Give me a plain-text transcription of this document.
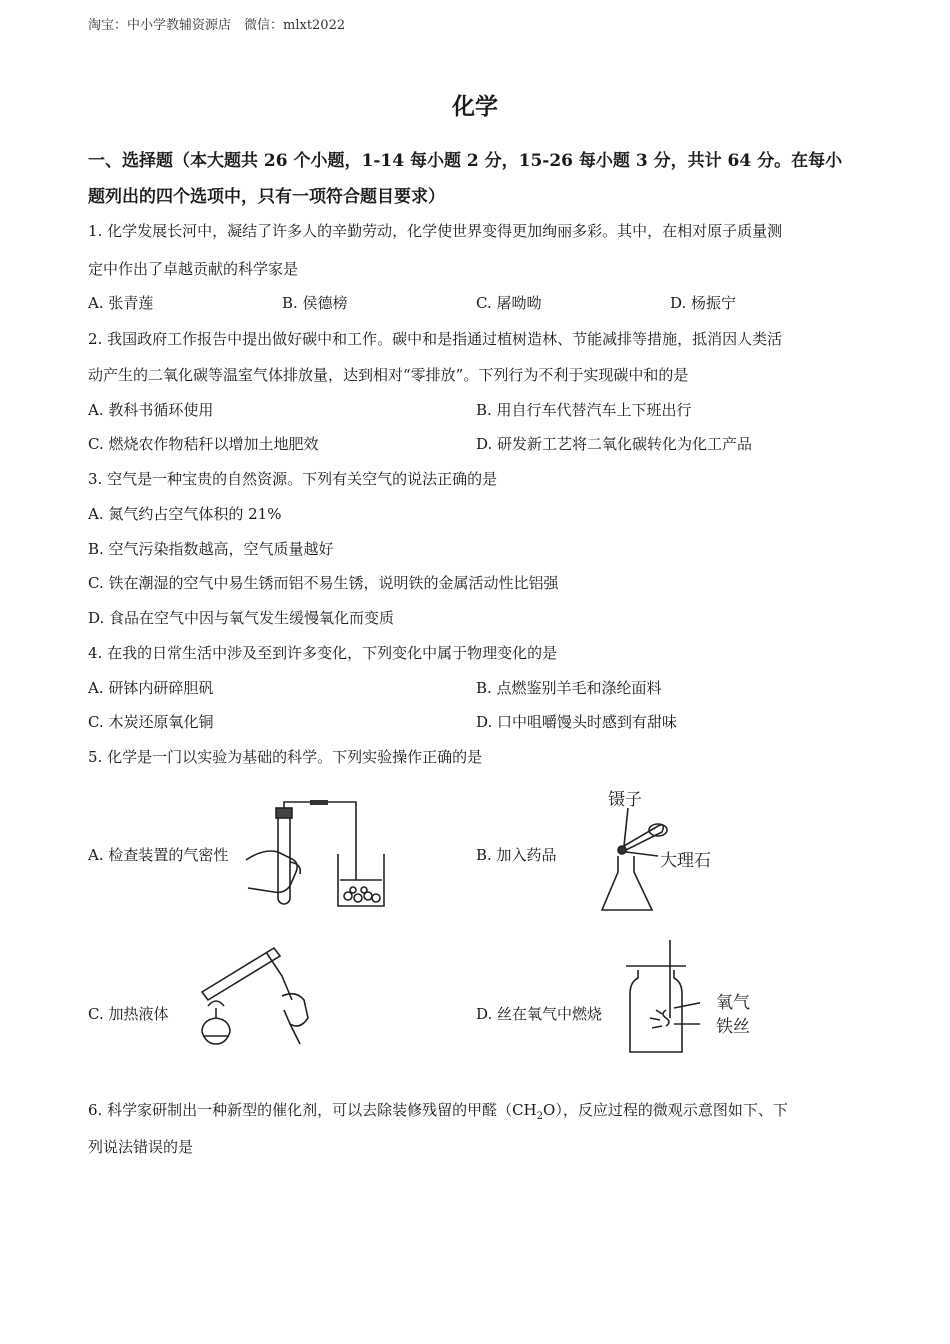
淘宝：中小学教辅资源店　微信：mlxt2022
化学
一、选择题（本大题共 26 个小题，1-14 每小题 2 分，15-26 每小题 3 分，共计 64 分。在每小
题列出的四个选项中，只有一项符合题目要求）
1. 化学发展长河中，凝结了许多人的辛勤劳动，化学使世界变得更加绚丽多彩。其中，在相对原子质量测
定中作出了卓越贡献的科学家是
A. 张青莲	B. 侯德榜	C. 屠呦呦	D. 杨振宁
2. 我国政府工作报告中提出做好碳中和工作。碳中和是指通过植树造林、节能减排等措施，抵消因人类活
动产生的二氧化碳等温室气体排放量，达到相对“零排放”。下列行为不利于实现碳中和的是
A. 教科书循环使用	B. 用自行车代替汽车上下班出行
C. 燃烧农作物秸秆以增加土地肥效	D. 研发新工艺将二氧化碳转化为化工产品
3. 空气是一种宝贵的自然资源。下列有关空气的说法正确的是
A. 氮气约占空气体积的 21%
B. 空气污染指数越高，空气质量越好
C. 铁在潮湿的空气中易生锈而铝不易生锈，说明铁的金属活动性比铝强
D. 食品在空气中因与氧气发生缓慢氧化而变质
4. 在我的日常生活中涉及至到许多变化，下列变化中属于物理变化的是
A. 研钵内研碎胆矾	B. 点燃鉴别羊毛和涤纶面料
C. 木炭还原氧化铜	D. 口中咀嚼馒头时感到有甜味
5. 化学是一门以实验为基础的科学。下列实验操作正确的是
A. 检查装置的气密性	B. 加入药品
镊子
大理石
C. 加热液体	D. 丝在氧气中燃烧
氧气
铁丝
6. 科学家研制出一种新型的催化剂，可以去除装修残留的甲醛$(CH_2O)$，反应过程的微观示意图如下、下
列说法错误的是
